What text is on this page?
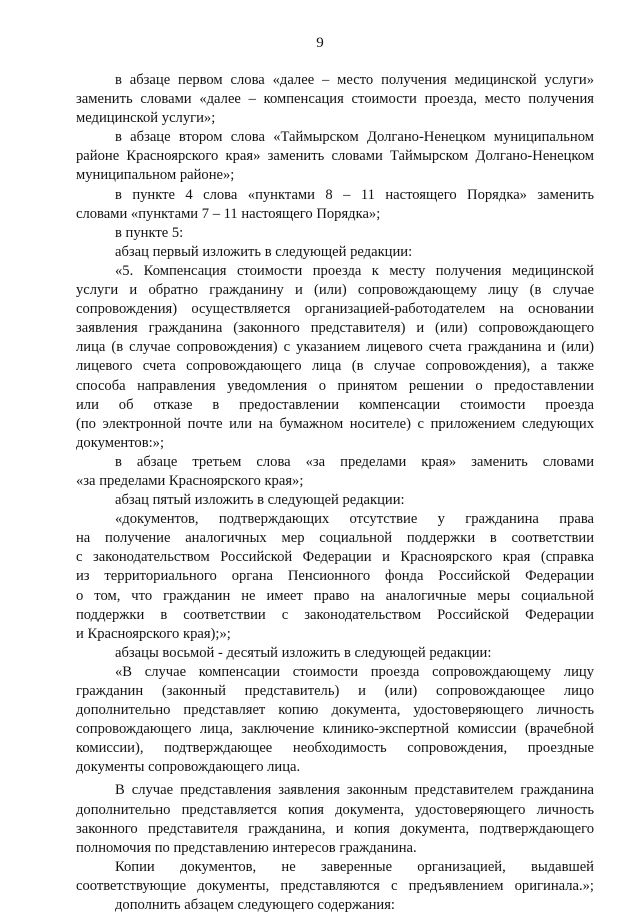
9
в абзаце первом слова «далее – место получения медицинской услуги»
заменить словами «далее – компенсация стоимости проезда, место получения
медицинской услуги»;
в абзаце втором слова «Таймырском Долгано-Ненецком муниципальном
районе Красноярского края» заменить словами Таймырском Долгано-Ненецком
муниципальном районе»;
в пункте 4 слова «пунктами 8 – 11 настоящего Порядка» заменить
словами «пунктами 7 – 11 настоящего Порядка»;
в пункте 5:
абзац первый изложить в следующей редакции:
«5. Компенсация стоимости проезда к месту получения медицинской
услуги и обратно гражданину и (или) сопровождающему лицу (в случае
сопровождения) осуществляется организацией-работодателем на основании
заявления гражданина (законного представителя) и (или) сопровождающего
лица (в случае сопровождения) с указанием лицевого счета гражданина и (или)
лицевого счета сопровождающего лица (в случае сопровождения), а также
способа направления уведомления о принятом решении о предоставлении
или об отказе в предоставлении компенсации стоимости проезда
(по электронной почте или на бумажном носителе) с приложением следующих
документов:»;
в абзаце третьем слова «за пределами края» заменить словами
«за пределами Красноярского края»;
абзац пятый изложить в следующей редакции:
«документов, подтверждающих отсутствие у гражданина права
на получение аналогичных мер социальной поддержки в соответствии
с законодательством Российской Федерации и Красноярского края (справка
из территориального органа Пенсионного фонда Российской Федерации
о том, что гражданин не имеет право на аналогичные меры социальной
поддержки в соответствии с законодательством Российской Федерации
и Красноярского края);»;
абзацы восьмой - десятый изложить в следующей редакции:
«В случае компенсации стоимости проезда сопровождающему лицу
гражданин (законный представитель) и (или) сопровождающее лицо
дополнительно представляет копию документа, удостоверяющего личность
сопровождающего лица, заключение клинико-экспертной комиссии (врачебной
комиссии), подтверждающее необходимость сопровождения, проездные
документы сопровождающего лица.
В случае представления заявления законным представителем гражданина
дополнительно представляется копия документа, удостоверяющего личность
законного представителя гражданина, и копия документа, подтверждающего
полномочия по представлению интересов гражданина.
Копии документов, не заверенные организацией, выдавшей
соответствующие документы, представляются с предъявлением оригинала.»;
дополнить абзацем следующего содержания:
